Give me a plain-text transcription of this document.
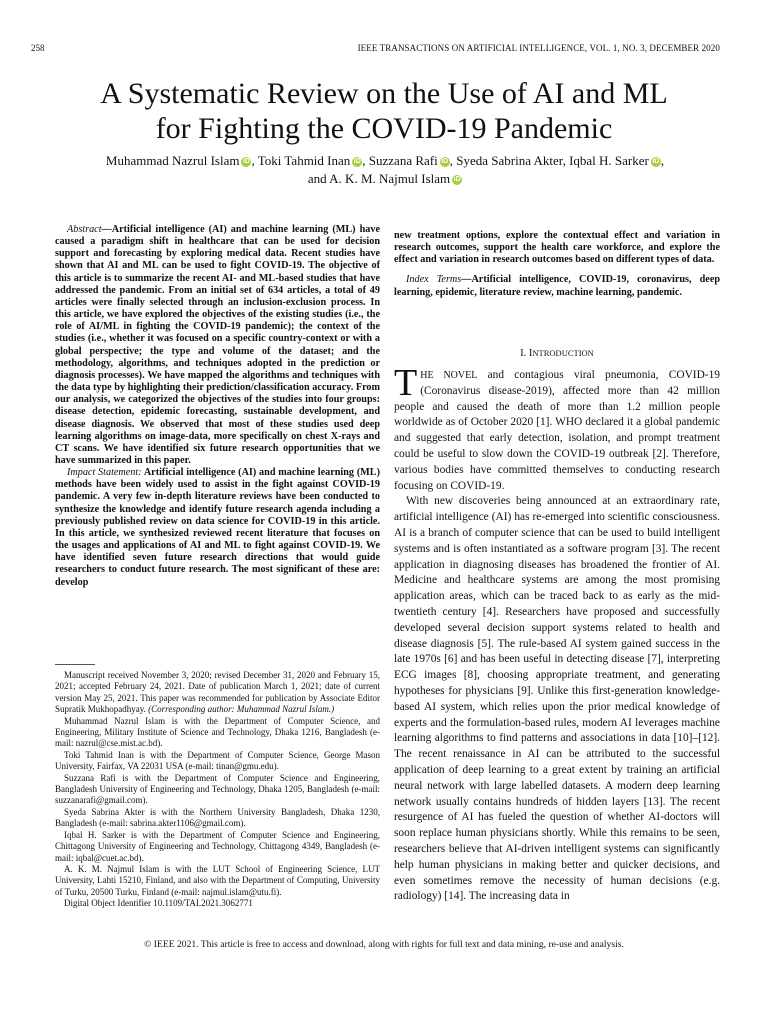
258	IEEE TRANSACTIONS ON ARTIFICIAL INTELLIGENCE, VOL. 1, NO. 3, DECEMBER 2020
A Systematic Review on the Use of AI and ML
for Fighting the COVID-19 Pandemic
Muhammad Nazrul Islam iD , Toki Tahmid Inan iD , Suzzana Rafi iD , Syeda Sabrina Akter, Iqbal H. Sarker iD ,
and A. K. M. Najmul Islam iD

Abstract—Artificial intelligence (AI) and machine learning (ML) have caused a paradigm shift in healthcare that can be used for decision support and forecasting by exploring medical data. Recent studies have shown that AI and ML can be used to fight COVID-19. The objective of this article is to summarize the recent AI- and ML-based studies that have addressed the pandemic. From an initial set of 634 articles, a total of 49 articles were finally selected through an inclusion-exclusion process. In this article, we have explored the objectives of the existing studies (i.e., the role of AI/ML in fighting the COVID-19 pandemic); the context of the studies (i.e., whether it was focused on a specific country-context or with a global perspective; the type and volume of the dataset; and the methodology, algorithms, and techniques adopted in the prediction or diagnosis processes). We have mapped the algorithms and techniques with the data type by highlighting their prediction/classification accuracy. From our analysis, we categorized the objectives of the studies into four groups: disease detection, epidemic forecasting, sustainable development, and disease diagnosis. We observed that most of these studies used deep learning algorithms on image-data, more specifically on chest X-rays and CT scans. We have identified six future research opportunities that we have summarized in this paper.

Impact Statement: Artificial intelligence (AI) and machine learning (ML) methods have been widely used to assist in the fight against COVID-19 pandemic. A very few in-depth literature reviews have been conducted to synthesize the knowledge and identify future research agenda including a previously published review on data science for COVID-19 in this article. In this article, we synthesized reviewed recent literature that focuses on the usages and applications of AI and ML to fight against COVID-19. We have identified seven future research directions that would guide researchers to conduct future research. The most significant of these are: develop

new treatment options, explore the contextual effect and variation in research outcomes, support the health care workforce, and explore the effect and variation in research outcomes based on different types of data.

Index Terms—Artificial intelligence, COVID-19, coronavirus, deep learning, epidemic, literature review, machine learning, pandemic.

Manuscript received November 3, 2020; revised December 31, 2020 and February 15, 2021; accepted February 24, 2021. Date of publication March 1, 2021; date of current version May 25, 2021. This paper was recommended for publication by Associate Editor Supratik Mukhopadhyay. (Corresponding author: Muhammad Nazrul Islam.)

Muhammad Nazrul Islam is with the Department of Computer Science, and Engineering, Military Institute of Science and Technology, Dhaka 1216, Bangladesh (e-mail: nazrul@cse.mist.ac.bd).

Toki Tahmid Inan is with the Department of Computer Science, George Mason University, Fairfax, VA 22031 USA (e-mail: tinan@gmu.edu).

Suzzana Rafi is with the Department of Computer Science and Engineering, Bangladesh University of Engineering and Technology, Dhaka 1205, Bangladesh (e-mail: suzzanarafi@gmail.com).

Syeda Sabrina Akter is with the Northern University Bangladesh, Dhaka 1230, Bangladesh (e-mail: sabrina.akter1106@gmail.com).

Iqbal H. Sarker is with the Department of Computer Science and Engineering, Chittagong University of Engineering and Technology, Chittagong 4349, Bangladesh (e-mail: iqbal@cuet.ac.bd).

A. K. M. Najmul Islam is with the LUT School of Engineering Science, LUT University, Lahti 15210, Finland, and also with the Department of Computing, University of Turku, 20500 Turku, Finland (e-mail: najmul.islam@utu.fi).

Digital Object Identifier 10.1109/TAI.2021.3062771

I. INTRODUCTION

THE NOVEL and contagious viral pneumonia, COVID-19 (Coronavirus disease-2019), affected more than 42 million people and caused the death of more than 1.2 million people worldwide as of October 2020 [1]. WHO declared it a global pandemic and suggested that early detection, isolation, and prompt treatment could be useful to slow down the COVID-19 outbreak [2]. Therefore, various bodies have committed themselves to conducting research focusing on COVID-19.

With new discoveries being announced at an extraordinary rate, artificial intelligence (AI) has re-emerged into scientific consciousness. AI is a branch of computer science that can be used to build intelligent systems and is often instantiated as a software program [3]. The recent application in diagnosing diseases has broadened the frontier of AI. Medicine and healthcare systems are among the most promising application areas, which can be traced back to as early as the mid-twentieth century [4]. Researchers have proposed and successfully developed several decision support systems related to health and disease diagnosis [5]. The rule-based AI system gained success in the late 1970s [6] and has been useful in detecting disease [7], interpreting ECG images [8], choosing appropriate treatment, and generating hypotheses for physicians [9]. Unlike this first-generation knowledge-based AI system, which relies upon the prior medical knowledge of experts and the formulation-based rules, modern AI leverages machine learning algorithms to find patterns and associations in data [10]–[12]. The recent renaissance in AI can be attributed to the successful application of deep learning to a great extent by training an artificial neural network with large labelled datasets. A modern deep learning network usually contains hundreds of hidden layers [13]. The recent resurgence of AI has fueled the question of whether AI-doctors will soon replace human physicians shortly. While this remains to be seen, researchers believe that AI-driven intelligent systems can significantly help human physicians in making better and quicker decisions, and even sometimes remove the necessity of human decisions (e.g. radiology) [14]. The increasing data in

© IEEE 2021. This article is free to access and download, along with rights for full text and data mining, re-use and analysis.
